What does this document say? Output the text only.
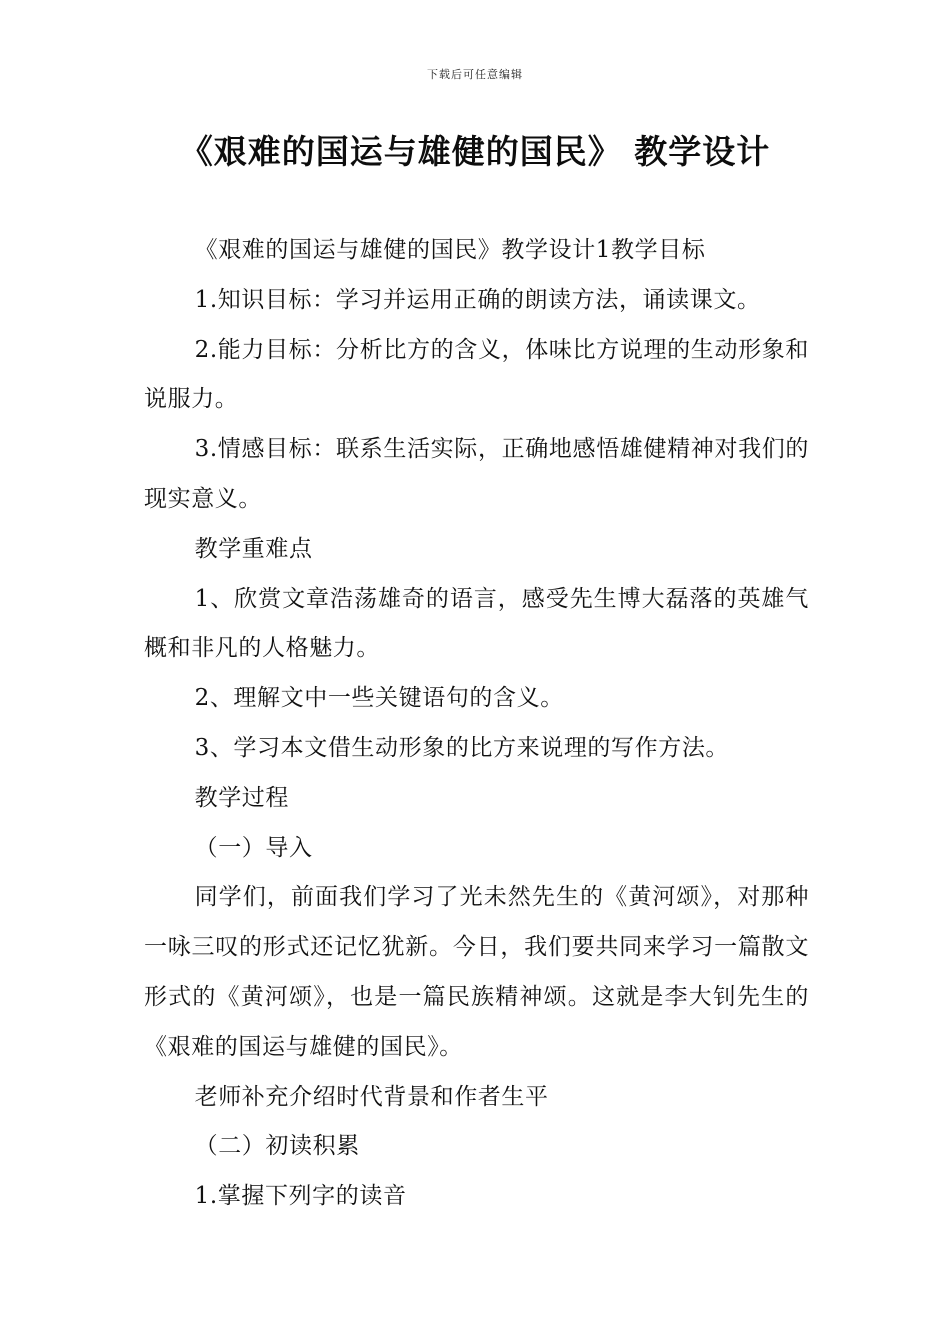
下载后可任意编辑
《艰难的国运与雄健的国民》 教学设计

《艰难的国运与雄健的国民》教学设计1教学目标

1.知识目标：学习并运用正确的朗读方法，诵读课文。

2.能力目标：分析比方的含义，体味比方说理的生动形象和说服力。

3.情感目标：联系生活实际，正确地感悟雄健精神对我们的现实意义。

教学重难点

1、欣赏文章浩荡雄奇的语言，感受先生博大磊落的英雄气概和非凡的人格魅力。

2、理解文中一些关键语句的含义。

3、学习本文借生动形象的比方来说理的写作方法。

教学过程

（一）导入

同学们，前面我们学习了光未然先生的《黄河颂》，对那种一咏三叹的形式还记忆犹新。今日，我们要共同来学习一篇散文形式的《黄河颂》，也是一篇民族精神颂。这就是李大钊先生的《艰难的国运与雄健的国民》。

老师补充介绍时代背景和作者生平

（二）初读积累

1.掌握下列字的读音
